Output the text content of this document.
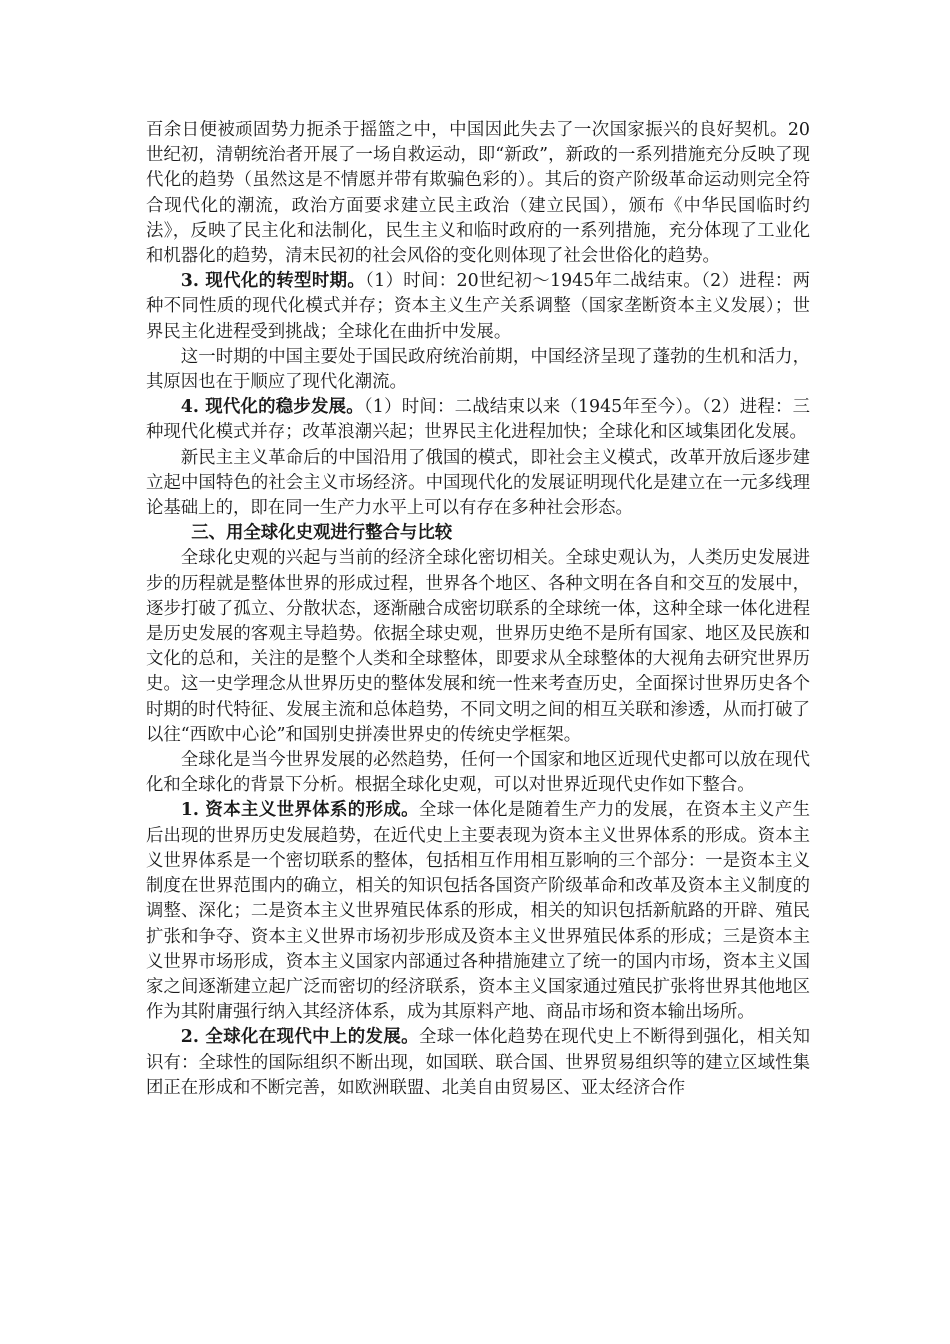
百余日便被顽固势力扼杀于摇篮之中，中国因此失去了一次国家振兴的良好契机。20世纪初，清朝统治者开展了一场自救运动，即“新政”，新政的一系列措施充分反映了现代化的趋势（虽然这是不情愿并带有欺骗色彩的）。其后的资产阶级革命运动则完全符合现代化的潮流，政治方面要求建立民主政治（建立民国），颁布《中华民国临时约法》，反映了民主化和法制化，民生主义和临时政府的一系列措施，充分体现了工业化和机器化的趋势，清末民初的社会风俗的变化则体现了社会世俗化的趋势。

3. 现代化的转型时期。（1）时间：20世纪初～1945年二战结束。（2）进程：两种不同性质的现代化模式并存；资本主义生产关系调整（国家垄断资本主义发展）；世界民主化进程受到挑战；全球化在曲折中发展。

这一时期的中国主要处于国民政府统治前期，中国经济呈现了蓬勃的生机和活力，其原因也在于顺应了现代化潮流。

4. 现代化的稳步发展。（1）时间：二战结束以来（1945年至今）。（2）进程：三种现代化模式并存；改革浪潮兴起；世界民主化进程加快；全球化和区域集团化发展。

新民主主义革命后的中国沿用了俄国的模式，即社会主义模式，改革开放后逐步建立起中国特色的社会主义市场经济。中国现代化的发展证明现代化是建立在一元多线理论基础上的，即在同一生产力水平上可以有存在多种社会形态。

三、用全球化史观进行整合与比较

全球化史观的兴起与当前的经济全球化密切相关。全球史观认为，人类历史发展进步的历程就是整体世界的形成过程，世界各个地区、各种文明在各自和交互的发展中，逐步打破了孤立、分散状态，逐渐融合成密切联系的全球统一体，这种全球一体化进程是历史发展的客观主导趋势。依据全球史观，世界历史绝不是所有国家、地区及民族和文化的总和，关注的是整个人类和全球整体，即要求从全球整体的大视角去研究世界历史。这一史学理念从世界历史的整体发展和统一性来考查历史，全面探讨世界历史各个时期的时代特征、发展主流和总体趋势，不同文明之间的相互关联和渗透，从而打破了以往“西欧中心论”和国别史拼凑世界史的传统史学框架。

全球化是当今世界发展的必然趋势，任何一个国家和地区近现代史都可以放在现代化和全球化的背景下分析。根据全球化史观，可以对世界近现代史作如下整合。

1. 资本主义世界体系的形成。全球一体化是随着生产力的发展，在资本主义产生后出现的世界历史发展趋势，在近代史上主要表现为资本主义世界体系的形成。资本主义世界体系是一个密切联系的整体，包括相互作用相互影响的三个部分：一是资本主义制度在世界范围内的确立，相关的知识包括各国资产阶级革命和改革及资本主义制度的调整、深化；二是资本主义世界殖民体系的形成，相关的知识包括新航路的开辟、殖民扩张和争夺、资本主义世界市场初步形成及资本主义世界殖民体系的形成；三是资本主义世界市场形成，资本主义国家内部通过各种措施建立了统一的国内市场，资本主义国家之间逐渐建立起广泛而密切的经济联系，资本主义国家通过殖民扩张将世界其他地区作为其附庸强行纳入其经济体系，成为其原料产地、商品市场和资本输出场所。

2. 全球化在现代中上的发展。全球一体化趋势在现代史上不断得到强化，相关知识有：全球性的国际组织不断出现，如国联、联合国、世界贸易组织等的建立区域性集团正在形成和不断完善，如欧洲联盟、北美自由贸易区、亚太经济合作
